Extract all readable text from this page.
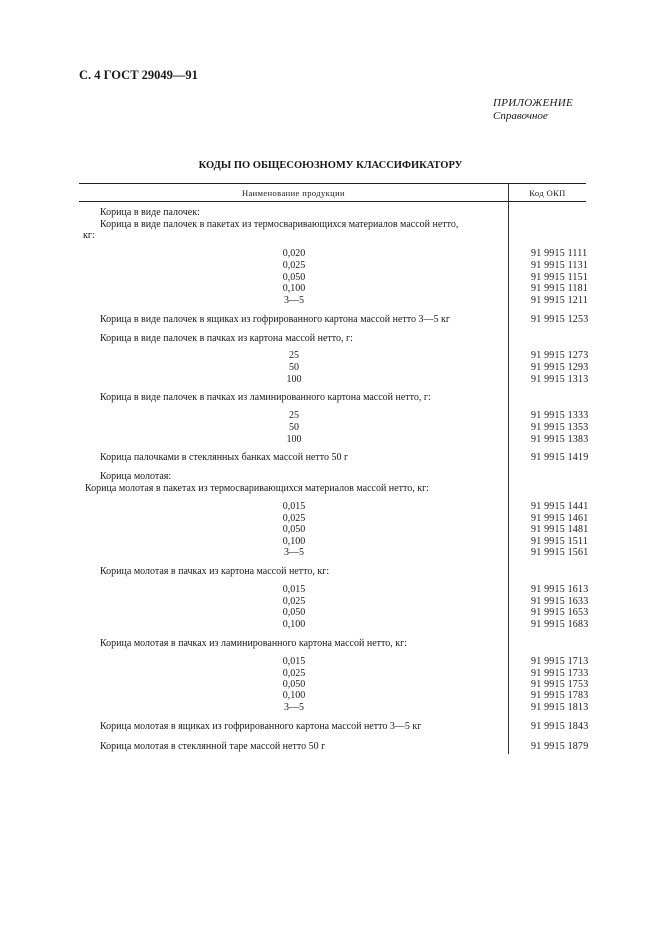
С. 4 ГОСТ 29049—91
ПРИЛОЖЕНИЕ
Справочное
КОДЫ ПО ОБЩЕСОЮЗНОМУ КЛАССИФИКАТОРУ
Наименование продукции	Код ОКП
Корица в виде палочек:
Корица в виде палочек в пакетах из термосваривающихся материалов массой нетто,
кг:
0,020	91 9915 1111
0,025	91 9915 1131
0,050	91 9915 1151
0,100	91 9915 1181
3—5	91 9915 1211
Корица в виде палочек в ящиках из гофрированного картона массой нетто 3—5 кг	91 9915 1253
Корица в виде палочек в пачках из картона массой нетто, г:
25	91 9915 1273
50	91 9915 1293
100	91 9915 1313
Корица в виде палочек в пачках из ламинированного картона массой нетто, г:
25	91 9915 1333
50	91 9915 1353
100	91 9915 1383
Корица палочками в стеклянных банках массой нетто 50 г	91 9915 1419
Корица молотая:
Корица молотая в пакетах из термосваривающихся материалов массой нетто, кг:
0,015	91 9915 1441
0,025	91 9915 1461
0,050	91 9915 1481
0,100	91 9915 1511
3—5	91 9915 1561
Корица молотая в пачках из картона массой нетто, кг:
0,015	91 9915 1613
0,025	91 9915 1633
0,050	91 9915 1653
0,100	91 9915 1683
Корица молотая в пачках из ламинированного картона массой нетто, кг:
0,015	91 9915 1713
0,025	91 9915 1733
0,050	91 9915 1753
0,100	91 9915 1783
3—5	91 9915 1813
Корица молотая в ящиках из гофрированного картона массой нетто 3—5 кг	91 9915 1843
Корица молотая в стеклянной таре массой нетто 50 г	91 9915 1879
